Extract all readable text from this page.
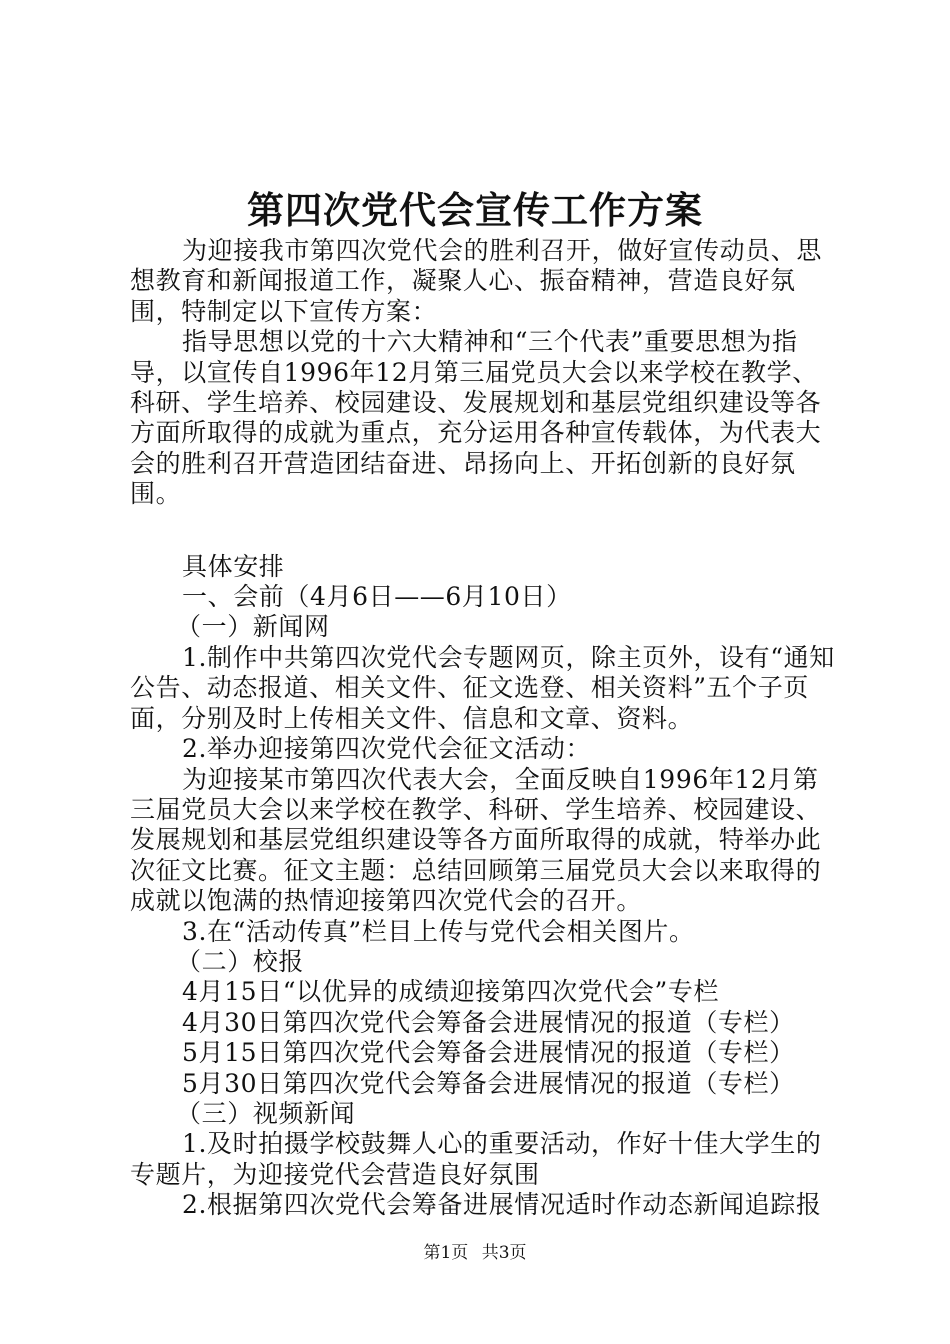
第四次党代会宣传工作方案

为迎接我市第四次党代会的胜利召开，做好宣传动员、思想教育和新闻报道工作，凝聚人心、振奋精神，营造良好氛围，特制定以下宣传方案：

指导思想以党的十六大精神和“三个代表”重要思想为指导，以宣传自1996年12月第三届党员大会以来学校在教学、科研、学生培养、校园建设、发展规划和基层党组织建设等各方面所取得的成就为重点，充分运用各种宣传载体，为代表大会的胜利召开营造团结奋进、昂扬向上、开拓创新的良好氛围。

具体安排

一、会前（4月6日——6月10日）

（一）新闻网

1.制作中共第四次党代会专题网页，除主页外，设有“通知公告、动态报道、相关文件、征文选登、相关资料”五个子页面，分别及时上传相关文件、信息和文章、资料。

2.举办迎接第四次党代会征文活动：

为迎接某市第四次代表大会，全面反映自1996年12月第三届党员大会以来学校在教学、科研、学生培养、校园建设、发展规划和基层党组织建设等各方面所取得的成就，特举办此次征文比赛。征文主题：总结回顾第三届党员大会以来取得的成就以饱满的热情迎接第四次党代会的召开。

3.在“活动传真”栏目上传与党代会相关图片。

（二）校报

4月15日“以优异的成绩迎接第四次党代会”专栏

4月30日第四次党代会筹备会进展情况的报道（专栏）

5月15日第四次党代会筹备会进展情况的报道（专栏）

5月30日第四次党代会筹备会进展情况的报道（专栏）

（三）视频新闻

1.及时拍摄学校鼓舞人心的重要活动，作好十佳大学生的专题片，为迎接党代会营造良好氛围

2.根据第四次党代会筹备进展情况适时作动态新闻追踪报

第1页 共3页
